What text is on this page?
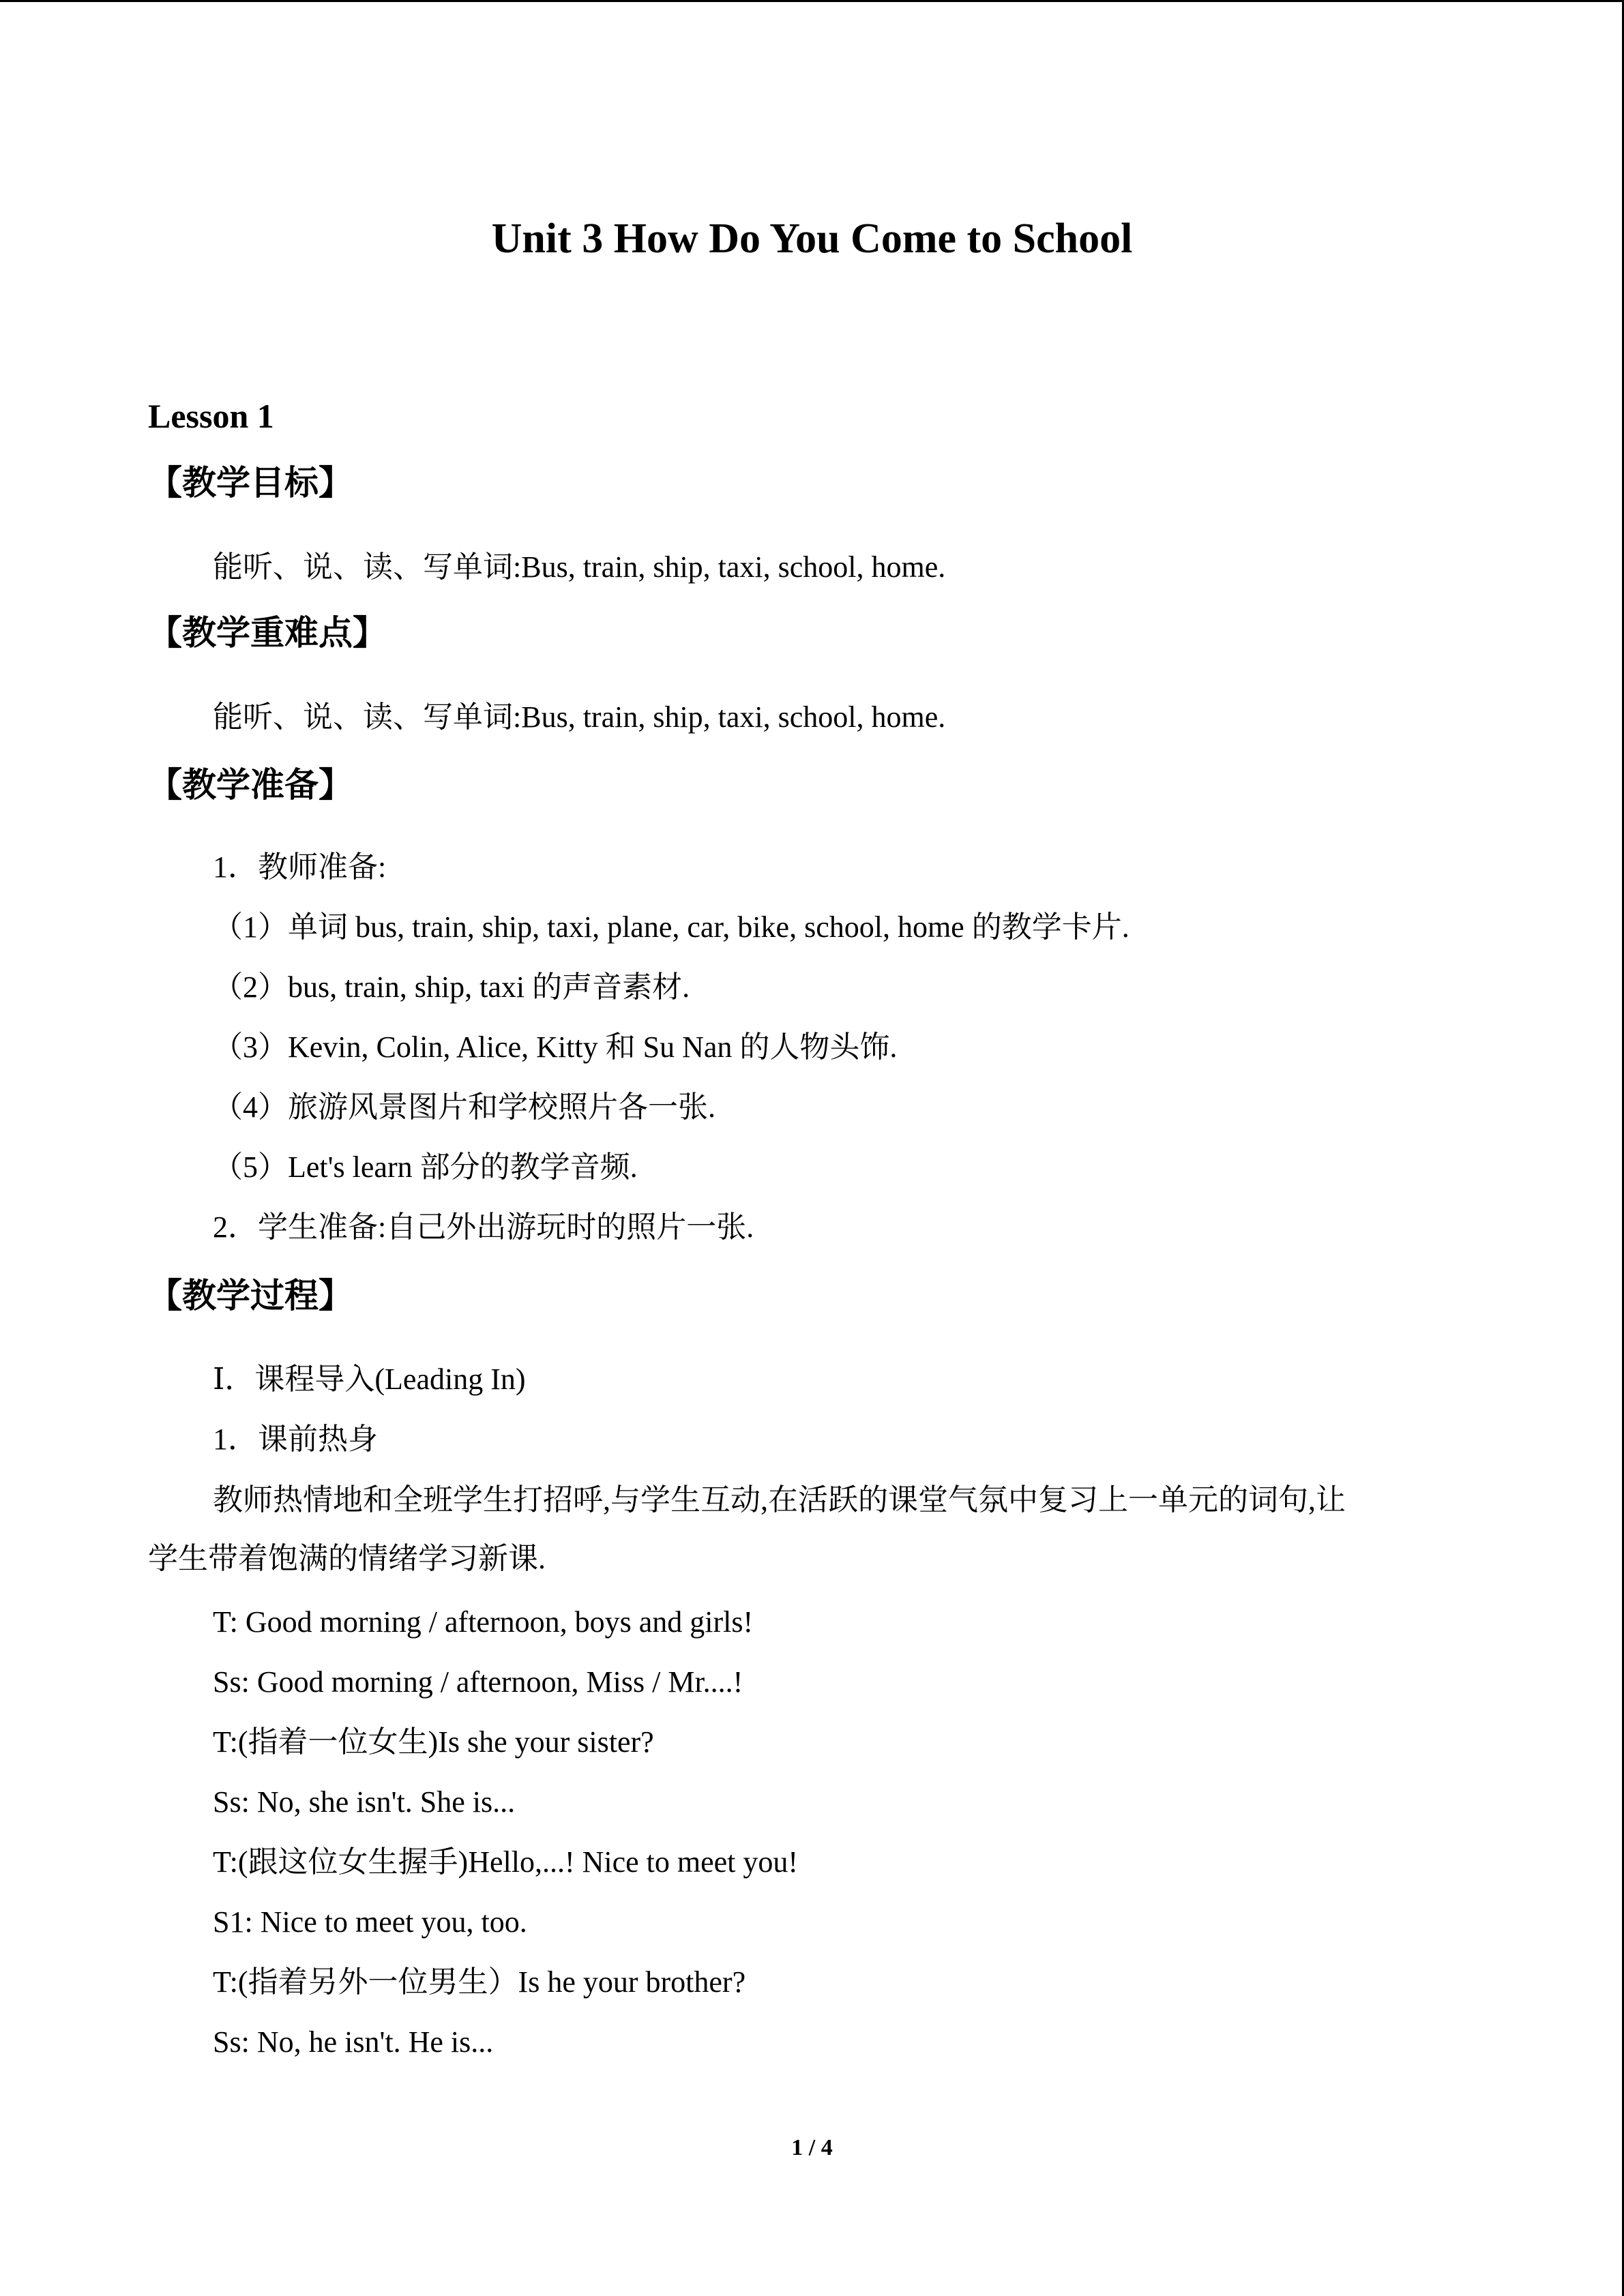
Unit 3 How Do You Come to School
Lesson 1
【教学目标】
能听、说、读、写单词:Bus, train, ship, taxi, school, home.
【教学重难点】
能听、说、读、写单词:Bus, train, ship, taxi, school, home.
【教学准备】
1．教师准备:
（1）单词 bus, train, ship, taxi, plane, car, bike, school, home 的教学卡片.
（2）bus, train, ship, taxi 的声音素材.
（3）Kevin, Colin, Alice, Kitty 和 Su Nan 的人物头饰.
（4）旅游风景图片和学校照片各一张.
（5）Let's learn 部分的教学音频.
2．学生准备:自己外出游玩时的照片一张.
【教学过程】
Ⅰ．课程导入(Leading In)
1．课前热身
教师热情地和全班学生打招呼,与学生互动,在活跃的课堂气氛中复习上一单元的词句,让
学生带着饱满的情绪学习新课.
T: Good morning / afternoon, boys and girls!
Ss: Good morning / afternoon, Miss / Mr....!
T:(指着一位女生)Is she your sister?
Ss: No, she isn't. She is...
T:(跟这位女生握手)Hello,...! Nice to meet you!
S1: Nice to meet you, too.
T:(指着另外一位男生）Is he your brother?
Ss: No, he isn't. He is...
1 / 4
